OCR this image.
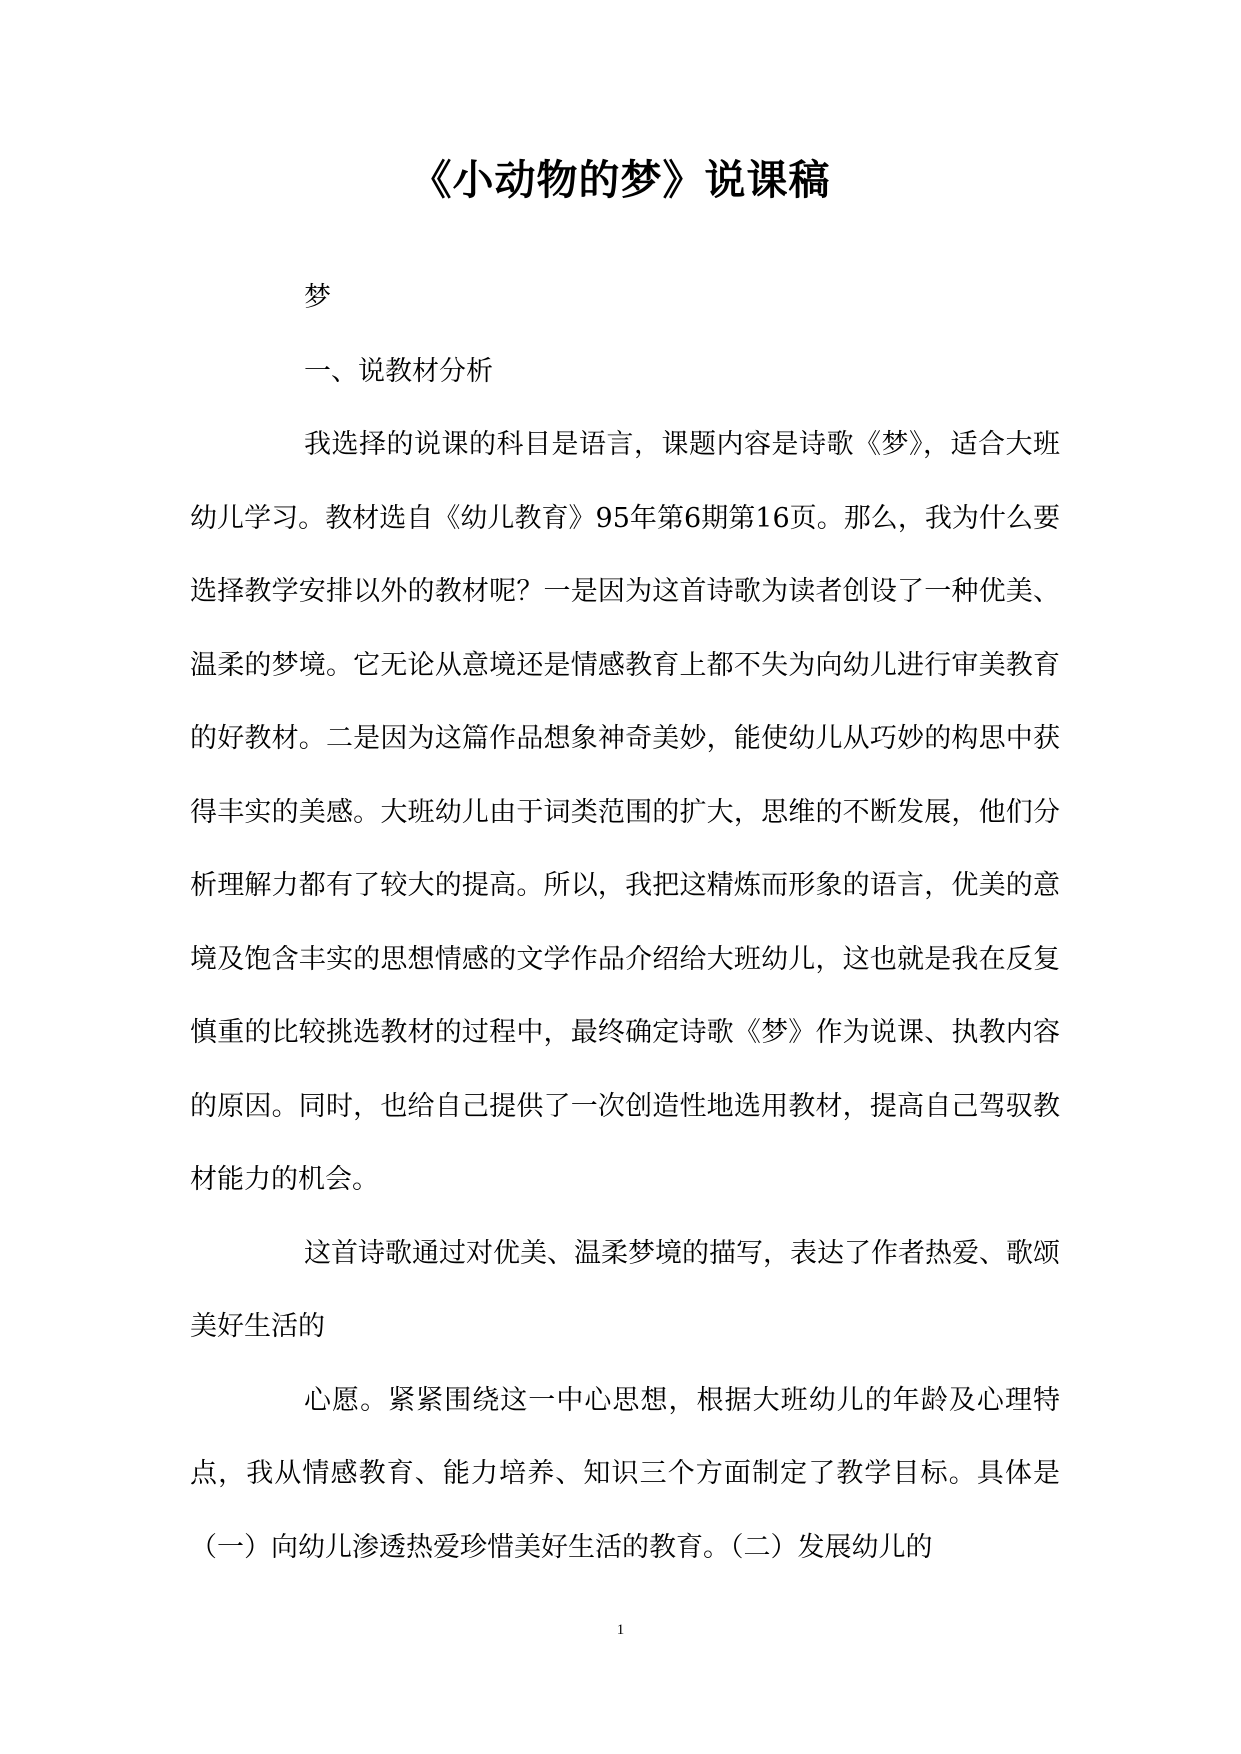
《小动物的梦》说课稿

梦

一、说教材分析

我选择的说课的科目是语言，课题内容是诗歌《梦》，适合大班幼儿学习。教材选自《幼儿教育》95年第6期第16页。那么，我为什么要选择教学安排以外的教材呢？一是因为这首诗歌为读者创设了一种优美、温柔的梦境。它无论从意境还是情感教育上都不失为向幼儿进行审美教育的好教材。二是因为这篇作品想象神奇美妙，能使幼儿从巧妙的构思中获得丰实的美感。大班幼儿由于词类范围的扩大，思维的不断发展，他们分析理解力都有了较大的提高。所以，我把这精炼而形象的语言，优美的意境及饱含丰实的思想情感的文学作品介绍给大班幼儿，这也就是我在反复慎重的比较挑选教材的过程中，最终确定诗歌《梦》作为说课、执教内容的原因。同时，也给自己提供了一次创造性地选用教材，提高自己驾驭教材能力的机会。

这首诗歌通过对优美、温柔梦境的描写，表达了作者热爱、歌颂美好生活的

心愿。紧紧围绕这一中心思想，根据大班幼儿的年龄及心理特点，我从情感教育、能力培养、知识三个方面制定了教学目标。具体是（一）向幼儿渗透热爱珍惜美好生活的教育。（二）发展幼儿的

1
